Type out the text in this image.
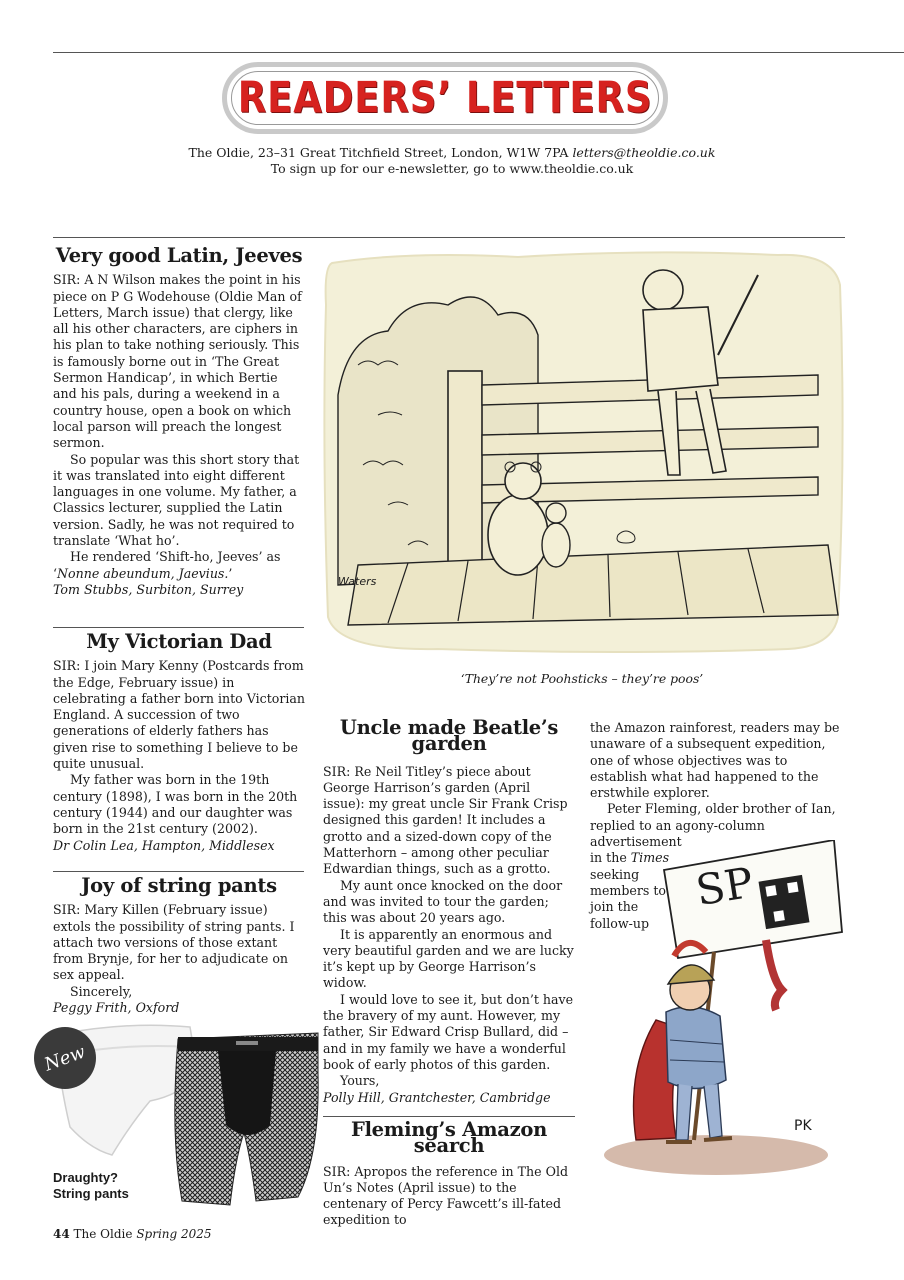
READERS’ LETTERS
The Oldie, 23–31 Great Titchfield Street, London, W1W 7PA letters@theoldie.co.uk
To sign up for our e-newsletter, go to www.theoldie.co.uk

Very good Latin, Jeeves

SIR: A N Wilson makes the point in his piece on P G Wodehouse (Oldie Man of Letters, March issue) that clergy, like all his other characters, are ciphers in his plan to take nothing seriously. This is famously borne out in ‘The Great Sermon Handicap’, in which Bertie and his pals, during a weekend in a country house, open a book on which local parson will preach the longest sermon.

So popular was this short story that it was translated into eight different languages in one volume. My father, a Classics lecturer, supplied the Latin version. Sadly, he was not required to translate ‘What ho’.

He rendered ‘Shift-ho, Jeeves’ as ‘Nonne abeundum, Jaevius.’

Tom Stubbs, Surbiton, Surrey

My Victorian Dad

SIR: I join Mary Kenny (Postcards from the Edge, February issue) in celebrating a father born into Victorian England. A succession of two generations of elderly fathers has given rise to something I believe to be quite unusual.

My father was born in the 19th century (1898), I was born in the 20th century (1944) and our daughter was born in the 21st century (2002).

Dr Colin Lea, Hampton, Middlesex

Joy of string pants

SIR: Mary Killen (February issue) extols the possibility of string pants. I attach two versions of those extant from Brynje, for her to adjudicate on sex appeal.

Sincerely,

Peggy Frith, Oxford

New
Draughty?
String pants
Waters
‘They’re not Poohsticks – they’re poos’

Uncle made Beatle’s garden

SIR: Re Neil Titley’s piece about George Harrison’s garden (April issue): my great uncle Sir Frank Crisp designed this garden! It includes a grotto and a sized-down copy of the Matterhorn – among other peculiar Edwardian things, such as a grotto.

My aunt once knocked on the door and was invited to tour the garden; this was about 20 years ago.

It is apparently an enormous and very beautiful garden and we are lucky it’s kept up by George Harrison’s widow.

I would love to see it, but don’t have the bravery of my aunt. However, my father, Sir Edward Crisp Bullard, did – and in my family we have a wonderful book of early photos of this garden.

Yours,

Polly Hill, Grantchester, Cambridge

Fleming’s Amazon search

SIR: Apropos the reference in The Old Un’s Notes (April issue) to the centenary of Percy Fawcett’s ill-fated expedition to

the Amazon rainforest, readers may be unaware of a subsequent expedition, one of whose objectives was to establish what had happened to the erstwhile explorer.

Peter Fleming, older brother of Ian, replied to an agony-column

advertisement
in the Times
seeking
members to
join the
follow-up
SP
PK
44 The Oldie Spring 2025
